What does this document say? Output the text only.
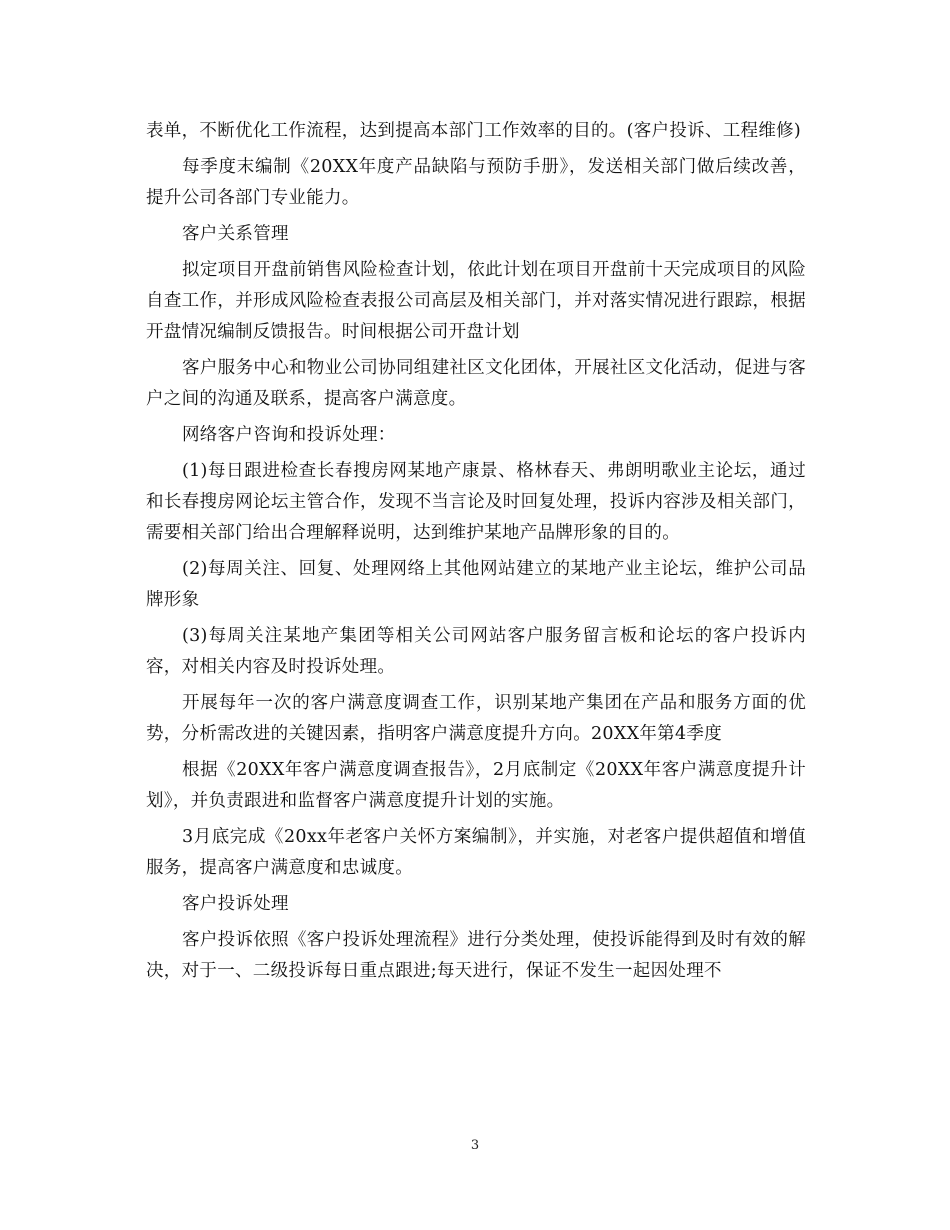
表单，不断优化工作流程，达到提高本部门工作效率的目的。(客户投诉、工程维修)

每季度末编制《20XX年度产品缺陷与预防手册》，发送相关部门做后续改善，提升公司各部门专业能力。

客户关系管理

拟定项目开盘前销售风险检查计划，依此计划在项目开盘前十天完成项目的风险自查工作，并形成风险检查表报公司高层及相关部门，并对落实情况进行跟踪，根据开盘情况编制反馈报告。时间根据公司开盘计划

客户服务中心和物业公司协同组建社区文化团体，开展社区文化活动，促进与客户之间的沟通及联系，提高客户满意度。

网络客户咨询和投诉处理：

(1)每日跟进检查长春搜房网某地产康景、格林春天、弗朗明歌业主论坛，通过和长春搜房网论坛主管合作，发现不当言论及时回复处理，投诉内容涉及相关部门，需要相关部门给出合理解释说明，达到维护某地产品牌形象的目的。

(2)每周关注、回复、处理网络上其他网站建立的某地产业主论坛，维护公司品牌形象

(3)每周关注某地产集团等相关公司网站客户服务留言板和论坛的客户投诉内容，对相关内容及时投诉处理。

开展每年一次的客户满意度调查工作，识别某地产集团在产品和服务方面的优势，分析需改进的关键因素，指明客户满意度提升方向。20XX年第4季度

根据《20XX年客户满意度调查报告》，2月底制定《20XX年客户满意度提升计划》，并负责跟进和监督客户满意度提升计划的实施。

3月底完成《20xx年老客户关怀方案编制》，并实施，对老客户提供超值和增值服务，提高客户满意度和忠诚度。

客户投诉处理

客户投诉依照《客户投诉处理流程》进行分类处理，使投诉能得到及时有效的解决，对于一、二级投诉每日重点跟进;每天进行，保证不发生一起因处理不

3
